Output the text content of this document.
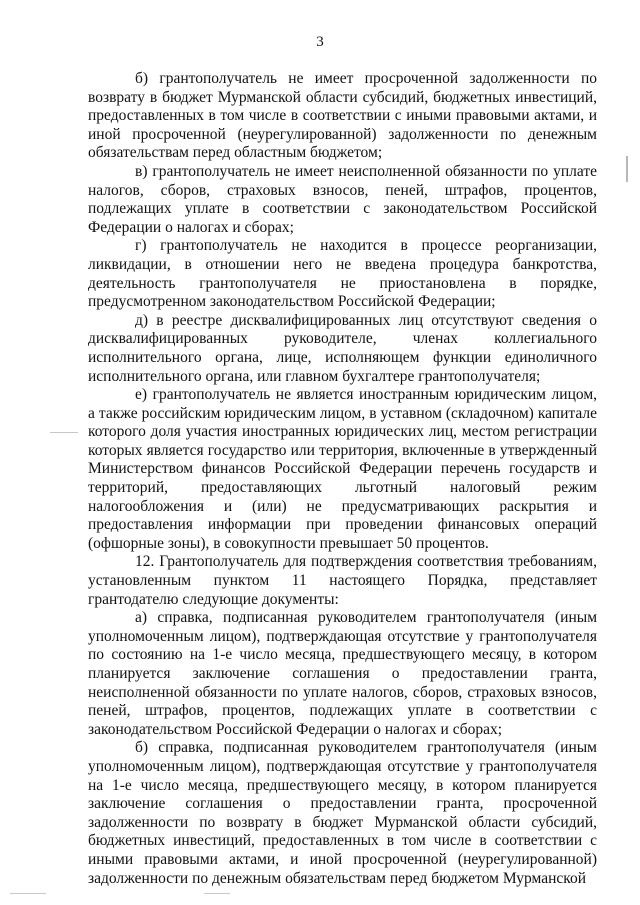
3

б) грантополучатель не имеет просроченной задолженности по возврату в бюджет Мурманской области субсидий, бюджетных инвестиций, предоставленных в том числе в соответствии с иными правовыми актами, и иной просроченной (неурегулированной) задолженности по денежным обязательствам перед областным бюджетом;

в) грантополучатель не имеет неисполненной обязанности по уплате налогов, сборов, страховых взносов, пеней, штрафов, процентов, подлежащих уплате в соответствии с законодательством Российской Федерации о налогах и сборах;

г) грантополучатель не находится в процессе реорганизации, ликвидации, в отношении него не введена процедура банкротства, деятельность грантополучателя не приостановлена в порядке, предусмотренном законодательством Российской Федерации;

д) в реестре дисквалифицированных лиц отсутствуют сведения о дисквалифицированных руководителе, членах коллегиального исполнительного органа, лице, исполняющем функции единоличного исполнительного органа, или главном бухгалтере грантополучателя;

е) грантополучатель не является иностранным юридическим лицом, а также российским юридическим лицом, в уставном (складочном) капитале которого доля участия иностранных юридических лиц, местом регистрации которых является государство или территория, включенные в утвержденный Министерством финансов Российской Федерации перечень государств и территорий, предоставляющих льготный налоговый режим налогообложения и (или) не предусматривающих раскрытия и предоставления информации при проведении финансовых операций (офшорные зоны), в совокупности превышает 50 процентов.

12. Грантополучатель для подтверждения соответствия требованиям, установленным пунктом 11 настоящего Порядка, представляет грантодателю следующие документы:

а) справка, подписанная руководителем грантополучателя (иным уполномоченным лицом), подтверждающая отсутствие у грантополучателя по состоянию на 1-е число месяца, предшествующего месяцу, в котором планируется заключение соглашения о предоставлении гранта, неисполненной обязанности по уплате налогов, сборов, страховых взносов, пеней, штрафов, процентов, подлежащих уплате в соответствии с законодательством Российской Федерации о налогах и сборах;

б) справка, подписанная руководителем грантополучателя (иным уполномоченным лицом), подтверждающая отсутствие у грантополучателя на 1-е число месяца, предшествующего месяцу, в котором планируется заключение соглашения о предоставлении гранта, просроченной задолженности по возврату в бюджет Мурманской области субсидий, бюджетных инвестиций, предоставленных в том числе в соответствии с иными правовыми актами, и иной просроченной (неурегулированной) задолженности по денежным обязательствам перед бюджетом Мурманской
